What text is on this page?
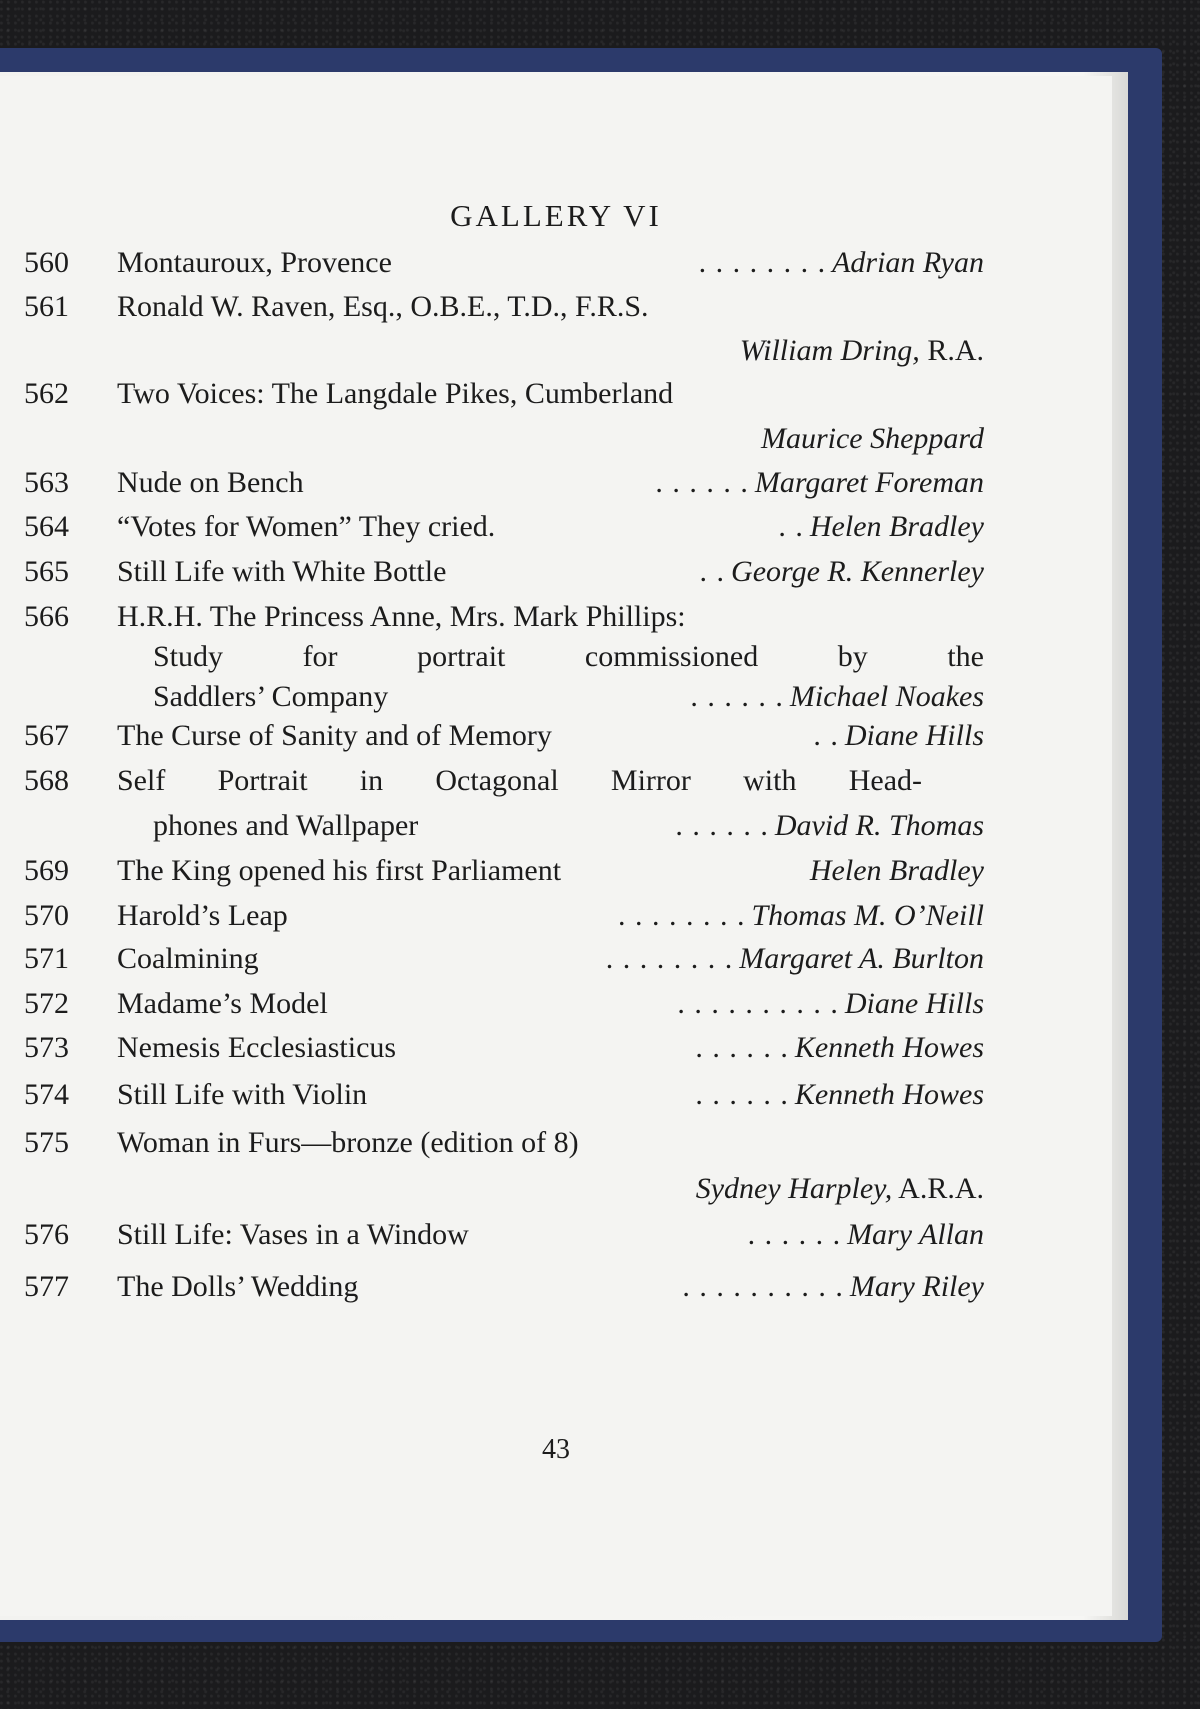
GALLERY VI
560	Montauroux, Provence	. . . . . . . . Adrian Ryan
561	Ronald W. Raven, Esq., O.B.E., T.D., F.R.S.
William Dring, R.A.
562	Two Voices: The Langdale Pikes, Cumberland
Maurice Sheppard
563	Nude on Bench	. . . . . . Margaret Foreman
564	“Votes for Women” They cried.	. . Helen Bradley
565	Still Life with White Bottle	. . George R. Kennerley
566	H.R.H. The Princess Anne, Mrs. Mark Phillips:
Study for portrait commissioned by the
Saddlers’ Company	. . . . . . Michael Noakes
567	The Curse of Sanity and of Memory	. . Diane Hills
568	Self Portrait in Octagonal Mirror with Head-
phones and Wallpaper	. . . . . . David R. Thomas
569	The King opened his first Parliament	Helen Bradley
570	Harold’s Leap	. . . . . . . . Thomas M. O’Neill
571	Coalmining	. . . . . . . . Margaret A. Burlton
572	Madame’s Model	. . . . . . . . . . Diane Hills
573	Nemesis Ecclesiasticus	. . . . . . Kenneth Howes
574	Still Life with Violin	. . . . . . Kenneth Howes
575	Woman in Furs—bronze (edition of 8)
Sydney Harpley, A.R.A.
576	Still Life: Vases in a Window	. . . . . . Mary Allan
577	The Dolls’ Wedding	. . . . . . . . . . Mary Riley
43
